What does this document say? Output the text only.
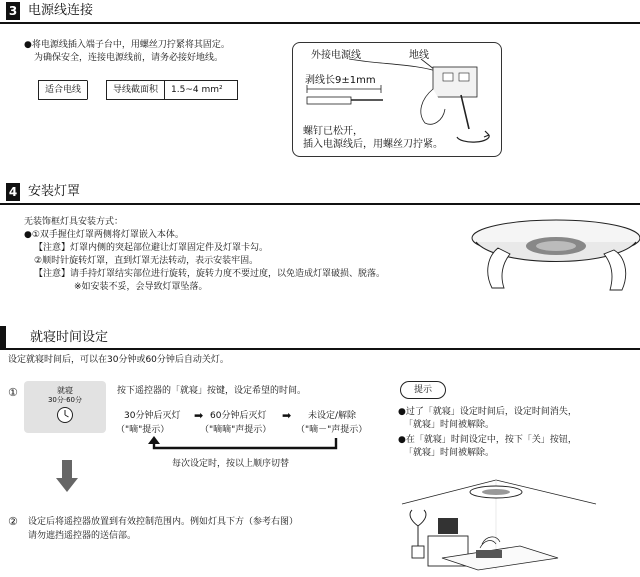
3 电源线连接
●将电源线插入端子台中，用螺丝刀拧紧将其固定。
为确保安全，连接电源线前，请务必接好地线。
适合电线	导线截面积	1.5~4 mm²
外接电源线	地线
剥线长9±1mm
螺钉已松开，
插入电源线后，用螺丝刀拧紧。
4 安装灯罩
无装饰框灯具安装方式：
●①双手握住灯罩两侧将灯罩嵌入本体。
【注意】灯罩内侧的突起部位避让灯罩固定件及灯罩卡勾。
②顺时针旋转灯罩，直到灯罩无法转动，表示安装牢固。
【注意】请手持灯罩结实部位进行旋转，旋转力度不要过度，以免造成灯罩破损、脱落。
※如安装不妥，会导致灯罩坠落。
就寝时间设定
设定就寝时间后，可以在30分钟或60分钟后自动关灯。
①	就寝
30分·60分
按下遥控器的「就寝」按键，设定希望的时间。
30分钟后灭灯
（"嘀"提示）
➡ 60分钟后灭灯
（"嘀嘀"声提示）
➡ 未设定/解除
（"嘀－"声提示）
每次设定时，按以上顺序切替
② 设定后将遥控器放置到有效控制范围内。例如灯具下方（参考右图）
请勿遮挡遥控器的送信部。
提示
●过了「就寝」设定时间后，设定时间消失，
「就寝」时间被解除。
●在「就寝」时间设定中，按下「关」按钮，
「就寝」时间被解除。
